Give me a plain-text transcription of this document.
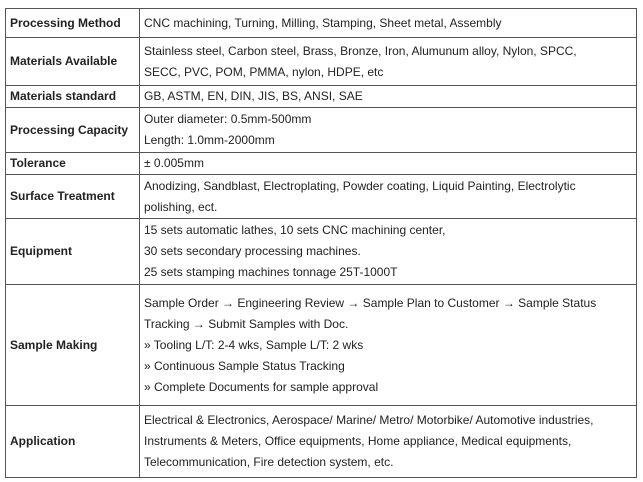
Processing Method	CNC machining, Turning, Milling, Stamping, Sheet metal, Assembly

Materials Available	Stainless steel, Carbon steel, Brass, Bronze, Iron, Alumunum alloy, Nylon, SPCC,
SECC, PVC, POM, PMMA, nylon, HDPE, etc

Materials standard	GB, ASTM, EN, DIN, JIS, BS, ANSI, SAE

Processing Capacity	Outer diameter: 0.5mm-500mm
Length: 1.0mm-2000mm

Tolerance	± 0.005mm

Surface Treatment	Anodizing, Sandblast, Electroplating, Powder coating, Liquid Painting, Electrolytic
polishing, ect.

Equipment	15 sets automatic lathes, 10 sets CNC machining center,
30 sets secondary processing machines.
25 sets stamping machines tonnage 25T-1000T

Sample Making	Sample Order → Engineering Review → Sample Plan to Customer → Sample Status
Tracking → Submit Samples with Doc.
» Tooling L/T: 2-4 wks, Sample L/T: 2 wks
» Continuous Sample Status Tracking
» Complete Documents for sample approval

Application	Electrical & Electronics, Aerospace/ Marine/ Metro/ Motorbike/ Automotive industries,
Instruments & Meters, Office equipments, Home appliance, Medical equipments,
Telecommunication, Fire detection system, etc.
